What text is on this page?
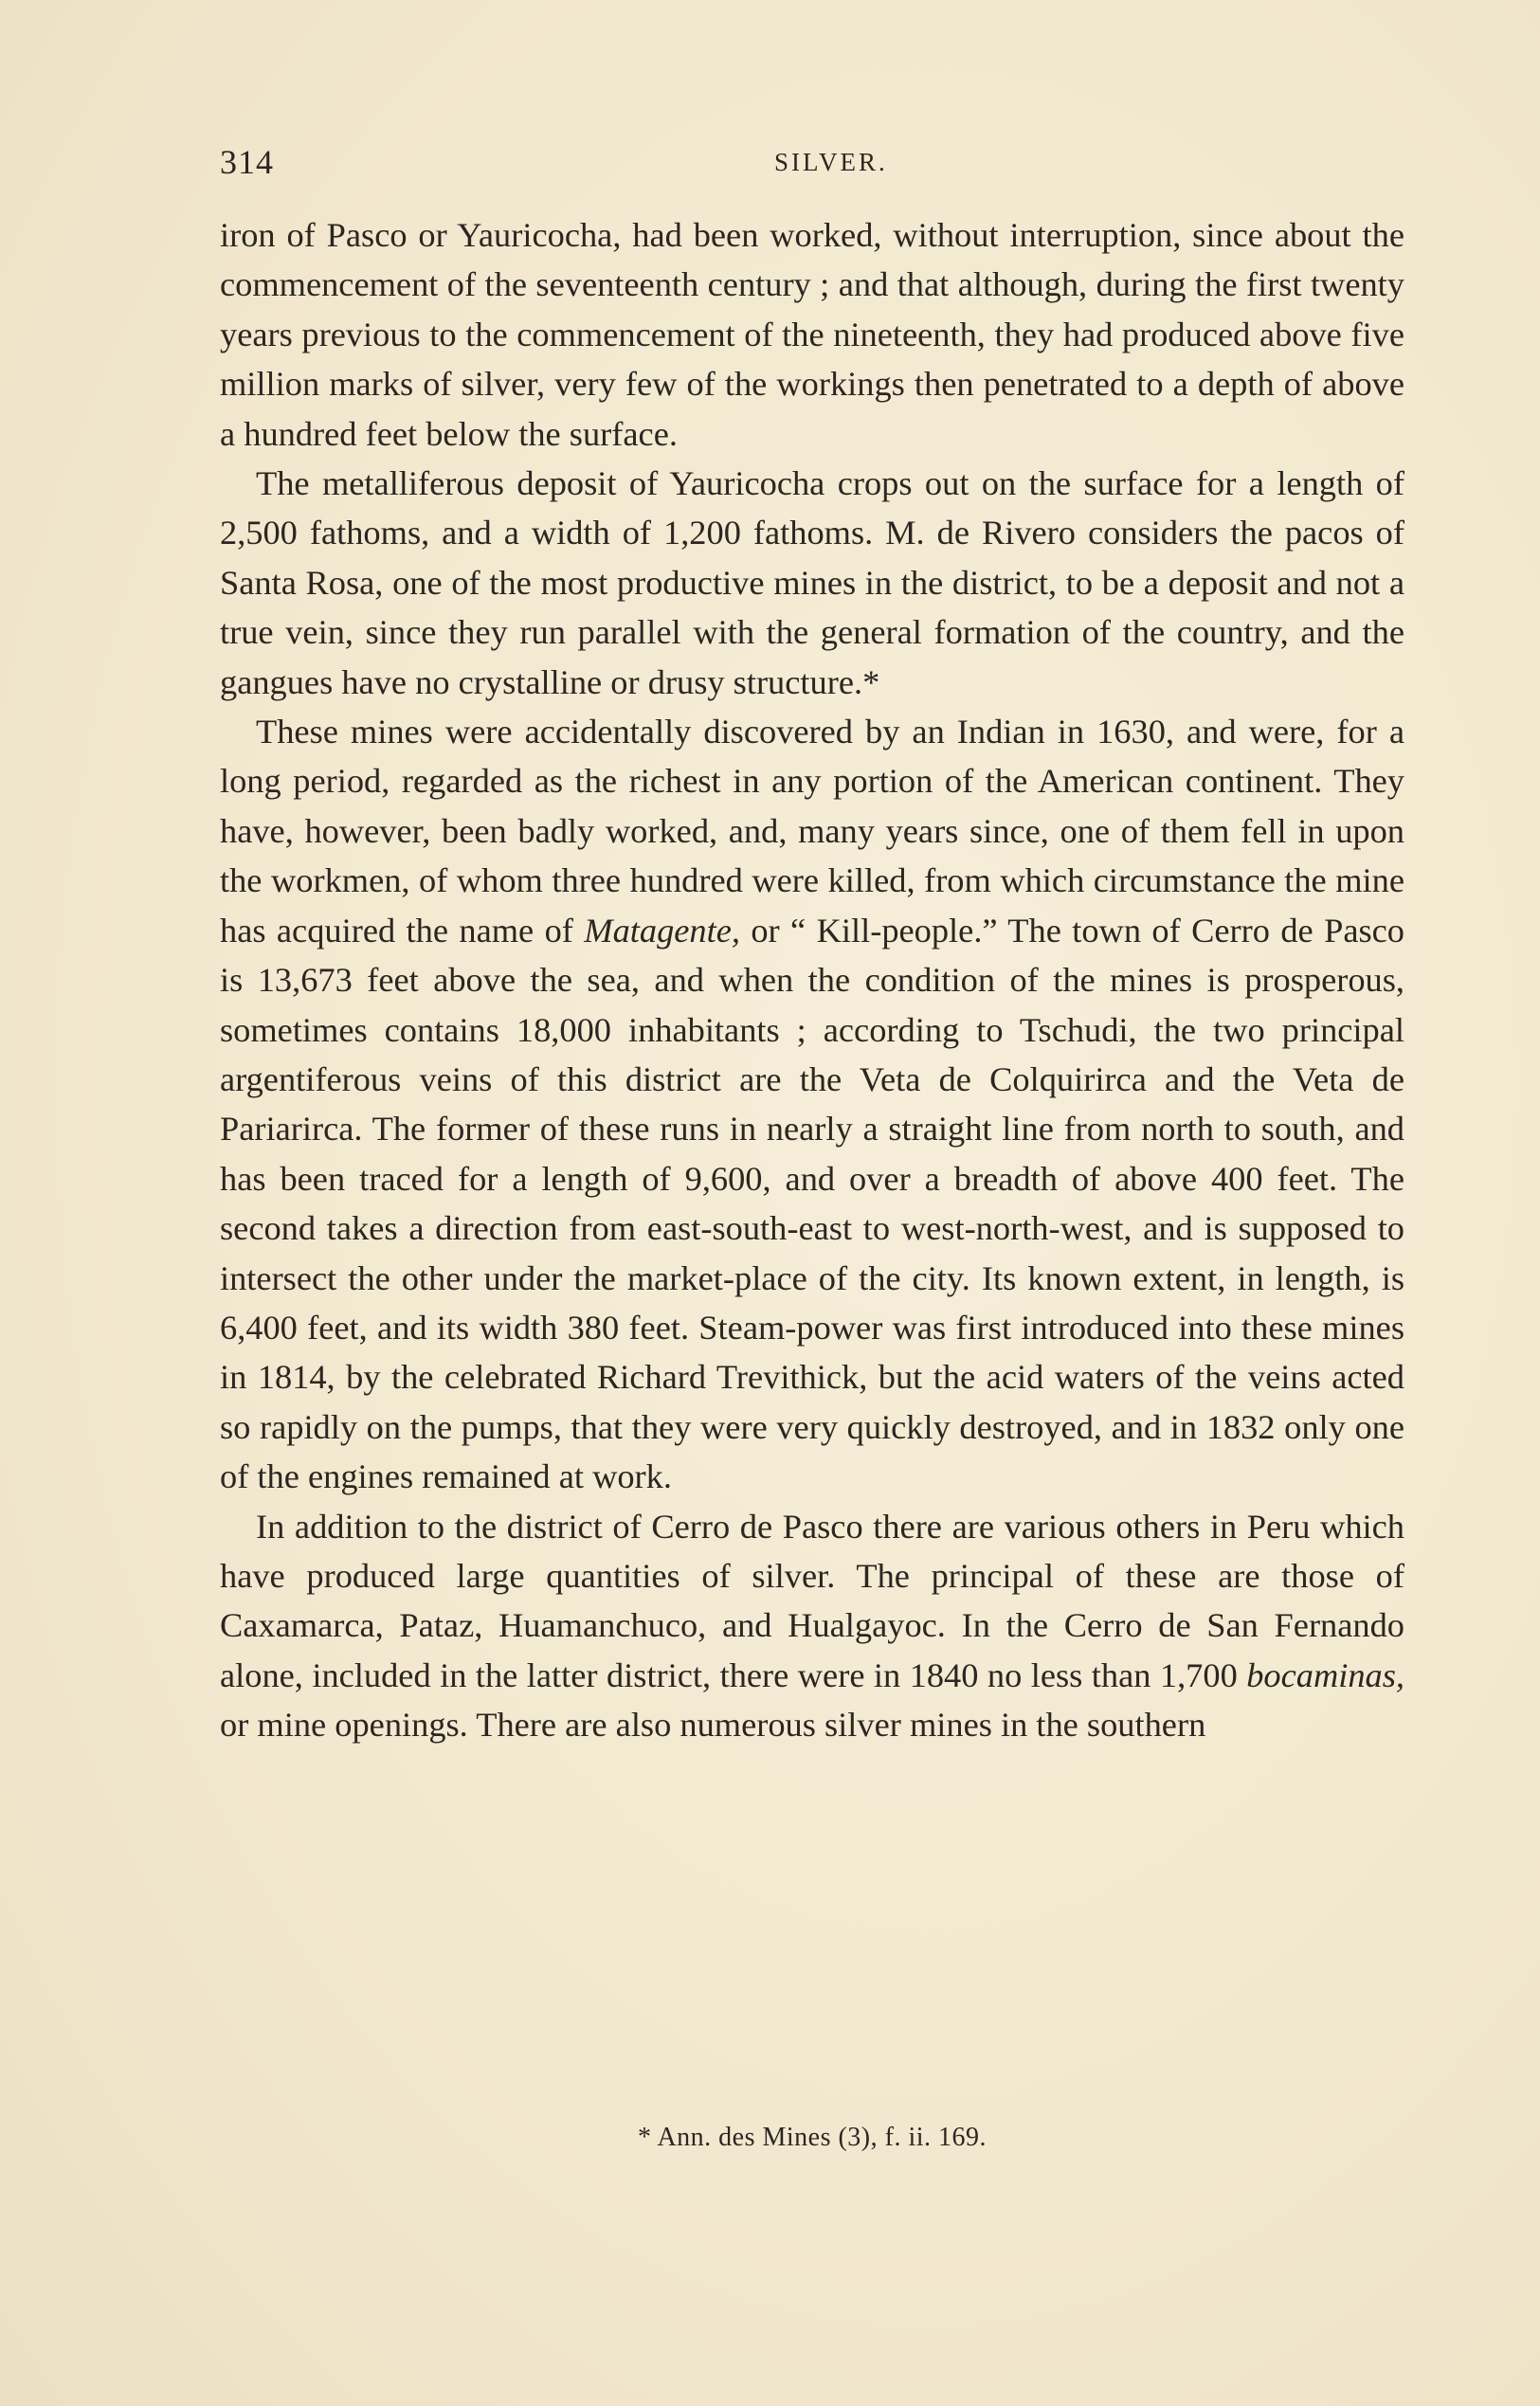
314	SILVER.

iron of Pasco or Yauricocha, had been worked, without interruption, since about the commencement of the seventeenth century ; and that although, during the first twenty years previous to the commencement of the nineteenth, they had produced above five million marks of silver, very few of the workings then penetrated to a depth of above a hundred feet below the surface.

The metalliferous deposit of Yauricocha crops out on the surface for a length of 2,500 fathoms, and a width of 1,200 fathoms. M. de Rivero considers the pacos of Santa Rosa, one of the most productive mines in the district, to be a deposit and not a true vein, since they run parallel with the general formation of the country, and the gangues have no crystalline or drusy structure.*

These mines were accidentally discovered by an Indian in 1630, and were, for a long period, regarded as the richest in any portion of the American continent. They have, however, been badly worked, and, many years since, one of them fell in upon the workmen, of whom three hundred were killed, from which circumstance the mine has acquired the name of Matagente, or “ Kill-people.” The town of Cerro de Pasco is 13,673 feet above the sea, and when the condition of the mines is prosperous, sometimes contains 18,000 inhabitants ; according to Tschudi, the two principal argentiferous veins of this district are the Veta de Colquirirca and the Veta de Pariarirca. The former of these runs in nearly a straight line from north to south, and has been traced for a length of 9,600, and over a breadth of above 400 feet. The second takes a direction from east-south-east to west-north-west, and is supposed to intersect the other under the market-place of the city. Its known extent, in length, is 6,400 feet, and its width 380 feet. Steam-power was first introduced into these mines in 1814, by the celebrated Richard Trevithick, but the acid waters of the veins acted so rapidly on the pumps, that they were very quickly destroyed, and in 1832 only one of the engines remained at work.

In addition to the district of Cerro de Pasco there are various others in Peru which have produced large quantities of silver. The principal of these are those of Caxamarca, Pataz, Huamanchuco, and Hualgayoc. In the Cerro de San Fernando alone, included in the latter district, there were in 1840 no less than 1,700 bocaminas, or mine openings. There are also numerous silver mines in the southern

* Ann. des Mines (3), f. ii. 169.
